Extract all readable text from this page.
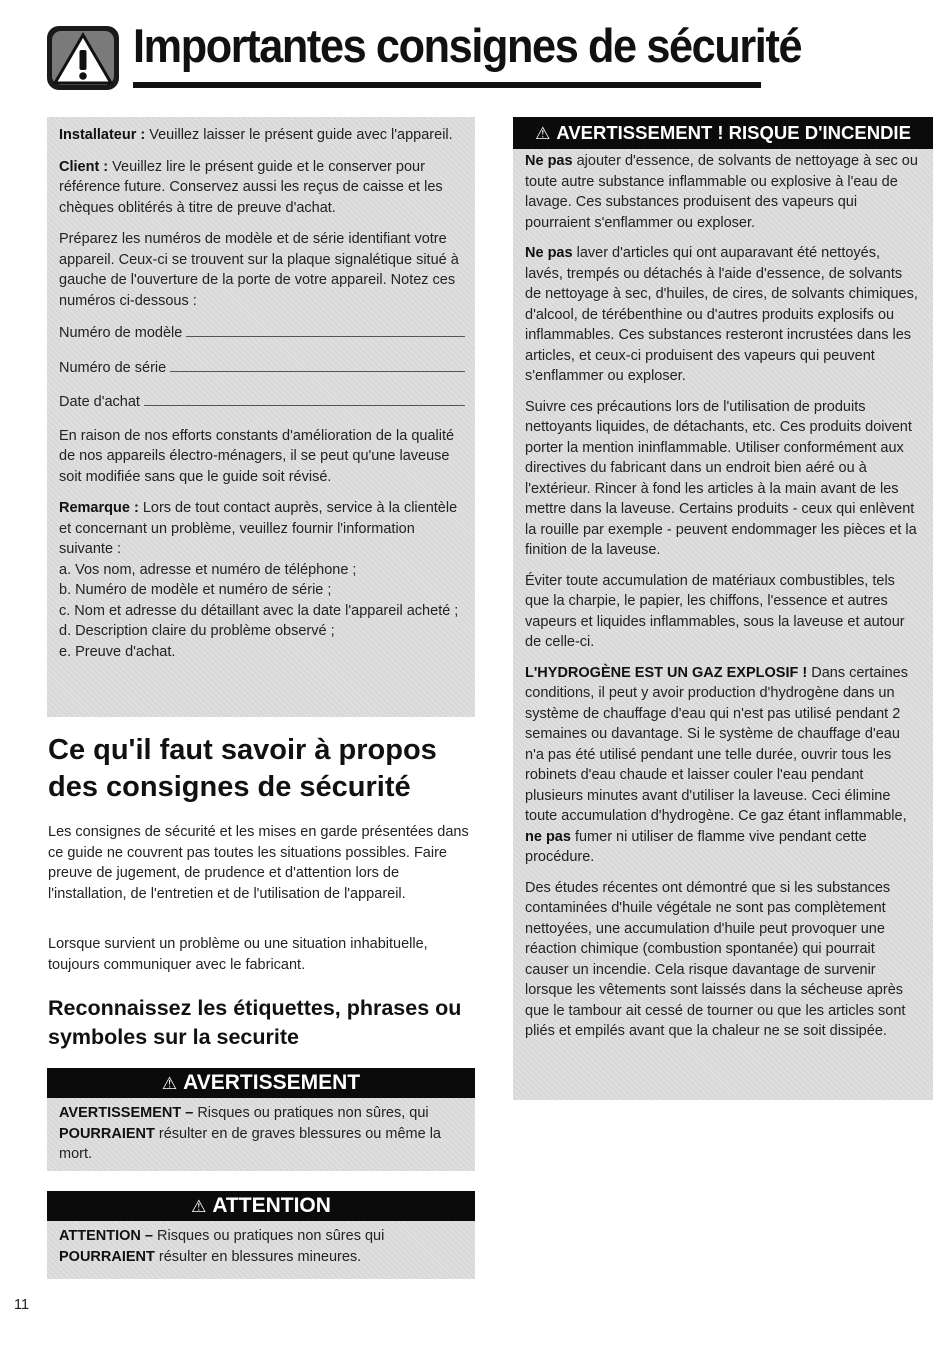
Importantes consignes de sécurité

Installateur : Veuillez laisser le présent guide avec l'appareil.

Client : Veuillez lire le présent guide et le conserver pour référence future. Conservez aussi les reçus de caisse et les chèques oblitérés à titre de preuve d'achat.

Préparez les numéros de modèle et de série identifiant votre appareil. Ceux-ci se trouvent sur la plaque signalétique situé à gauche de l'ouverture de la porte de votre appareil. Notez ces numéros ci-dessous :

Numéro de modèle
Numéro de série
Date d'achat

En raison de nos efforts constants d'amélioration de la qualité de nos appareils électro-ménagers, il se peut qu'une laveuse soit modifiée sans que le guide soit révisé.

Remarque : Lors de tout contact auprès, service à la clientèle et concernant un problème, veuillez fournir l'information suivante :

a. Vos nom, adresse et numéro de téléphone ;
b. Numéro de modèle et numéro de série ;
c. Nom et adresse du détaillant avec la date l'appareil acheté ;
d. Description claire du problème observé ;
e. Preuve d'achat.
Ce qu'il faut savoir à propos des consignes de sécurité

Les consignes de sécurité et les mises en garde présentées dans ce guide ne couvrent pas toutes les situations possibles. Faire preuve de jugement, de prudence et d'attention lors de l'installation, de l'entretien et de l'utilisation de l'appareil.

Lorsque survient un problème ou une situation inhabituelle, toujours communiquer avec le fabricant.

Reconnaissez les étiquettes, phrases ou symboles sur la securite
⚠ AVERTISSEMENT
AVERTISSEMENT – Risques ou pratiques non sûres, qui POURRAIENT résulter en de graves blessures ou même la mort.
⚠ ATTENTION
ATTENTION – Risques ou pratiques non sûres qui POURRAIENT résulter en blessures mineures.
⚠ AVERTISSEMENT ! RISQUE D'INCENDIE

Ne pas ajouter d'essence, de solvants de nettoyage à sec ou toute autre substance inflammable ou explosive à l'eau de lavage. Ces substances produisent des vapeurs qui pourraient s'enflammer ou exploser.

Ne pas laver d'articles qui ont auparavant été nettoyés, lavés, trempés ou détachés à l'aide d'essence, de solvants de nettoyage à sec, d'huiles, de cires, de solvants chimiques, d'alcool, de térébenthine ou d'autres produits explosifs ou inflammables. Ces substances resteront incrustées dans les articles, et ceux-ci produisent des vapeurs qui peuvent s'enflammer ou exploser.

Suivre ces précautions lors de l'utilisation de produits nettoyants liquides, de détachants, etc. Ces produits doivent porter la mention ininflammable. Utiliser conformément aux directives du fabricant dans un endroit bien aéré ou à l'extérieur. Rincer à fond les articles à la main avant de les mettre dans la laveuse. Certains produits - ceux qui enlèvent la rouille par exemple - peuvent endommager les pièces et la finition de la laveuse.

Éviter toute accumulation de matériaux combustibles, tels que la charpie, le papier, les chiffons, l'essence et autres vapeurs et liquides inflammables, sous la laveuse et autour de celle-ci.

L'HYDROGÈNE EST UN GAZ EXPLOSIF ! Dans certaines conditions, il peut y avoir production d'hydrogène dans un système de chauffage d'eau qui n'est pas utilisé pendant 2 semaines ou davantage. Si le système de chauffage d'eau n'a pas été utilisé pendant une telle durée, ouvrir tous les robinets d'eau chaude et laisser couler l'eau pendant plusieurs minutes avant d'utiliser la laveuse. Ceci élimine toute accumulation d'hydrogène. Ce gaz étant inflammable, ne pas fumer ni utiliser de flamme vive pendant cette procédure.

Des études récentes ont démontré que si les substances contaminées d'huile végétale ne sont pas complètement nettoyées, une accumulation d'huile peut provoquer une réaction chimique (combustion spontanée) qui pourrait causer un incendie. Cela risque davantage de survenir lorsque les vêtements sont laissés dans la sécheuse après que le tambour ait cessé de tourner ou que les articles sont pliés et empilés avant que la chaleur ne se soit dissipée.

11
